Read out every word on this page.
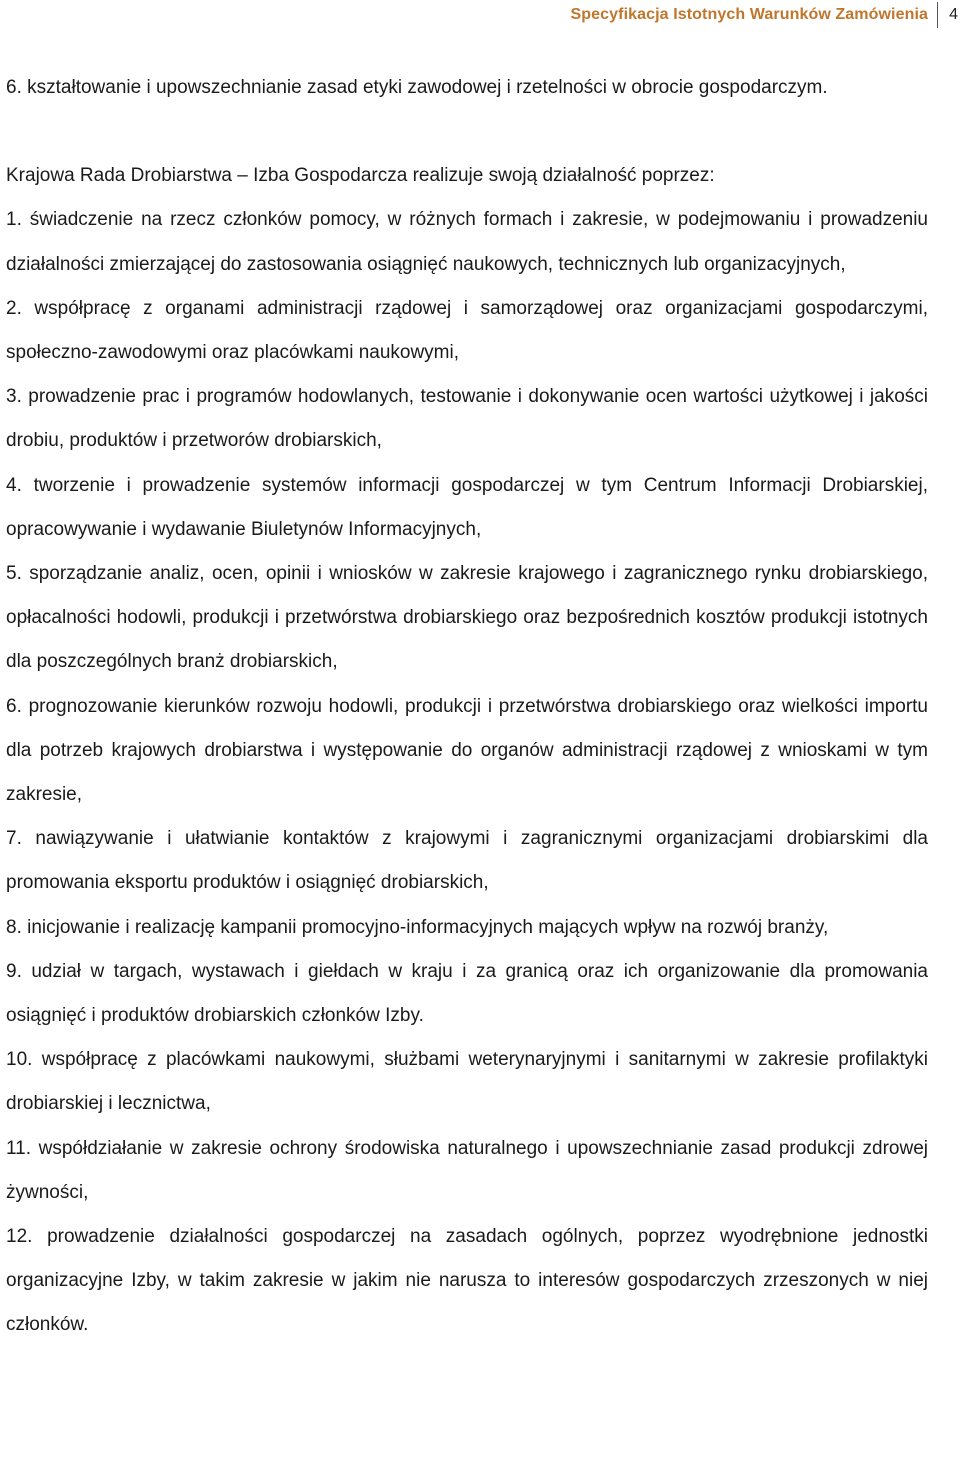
Specyfikacja Istotnych Warunków Zamówienia 4

6. kształtowanie i upowszechnianie zasad etyki zawodowej i rzetelności w obrocie gospodarczym.

Krajowa Rada Drobiarstwa – Izba Gospodarcza realizuje swoją działalność poprzez:

1. świadczenie na rzecz członków pomocy, w różnych formach i zakresie, w podejmowaniu i prowadzeniu działalności zmierzającej do zastosowania osiągnięć naukowych, technicznych lub organizacyjnych,

2. współpracę z organami administracji rządowej i samorządowej oraz organizacjami gospodarczymi, społeczno-zawodowymi oraz placówkami naukowymi,

3. prowadzenie prac i programów hodowlanych, testowanie i dokonywanie ocen wartości użytkowej i jakości drobiu, produktów i przetworów drobiarskich,

4. tworzenie i prowadzenie systemów informacji gospodarczej w tym Centrum Informacji Drobiarskiej, opracowywanie i wydawanie Biuletynów Informacyjnych,

5. sporządzanie analiz, ocen, opinii i wniosków w zakresie krajowego i zagranicznego rynku drobiarskiego, opłacalności hodowli, produkcji i przetwórstwa drobiarskiego oraz bezpośrednich kosztów produkcji istotnych dla poszczególnych branż drobiarskich,

6. prognozowanie kierunków rozwoju hodowli, produkcji i przetwórstwa drobiarskiego oraz wielkości importu dla potrzeb krajowych drobiarstwa i występowanie do organów administracji rządowej z wnioskami w tym zakresie,

7. nawiązywanie i ułatwianie kontaktów z krajowymi i zagranicznymi organizacjami drobiarskimi dla promowania eksportu produktów i osiągnięć drobiarskich,

8. inicjowanie i realizację kampanii promocyjno-informacyjnych mających wpływ na rozwój branży,

9. udział w targach, wystawach i giełdach w kraju i za granicą oraz ich organizowanie dla promowania osiągnięć i produktów drobiarskich członków Izby.

10. współpracę z placówkami naukowymi, służbami weterynaryjnymi i sanitarnymi w zakresie profilaktyki drobiarskiej i lecznictwa,

11. współdziałanie w zakresie ochrony środowiska naturalnego i upowszechnianie zasad produkcji zdrowej żywności,

12. prowadzenie działalności gospodarczej na zasadach ogólnych, poprzez wyodrębnione jednostki organizacyjne Izby, w takim zakresie w jakim nie narusza to interesów gospodarczych zrzeszonych w niej członków.
